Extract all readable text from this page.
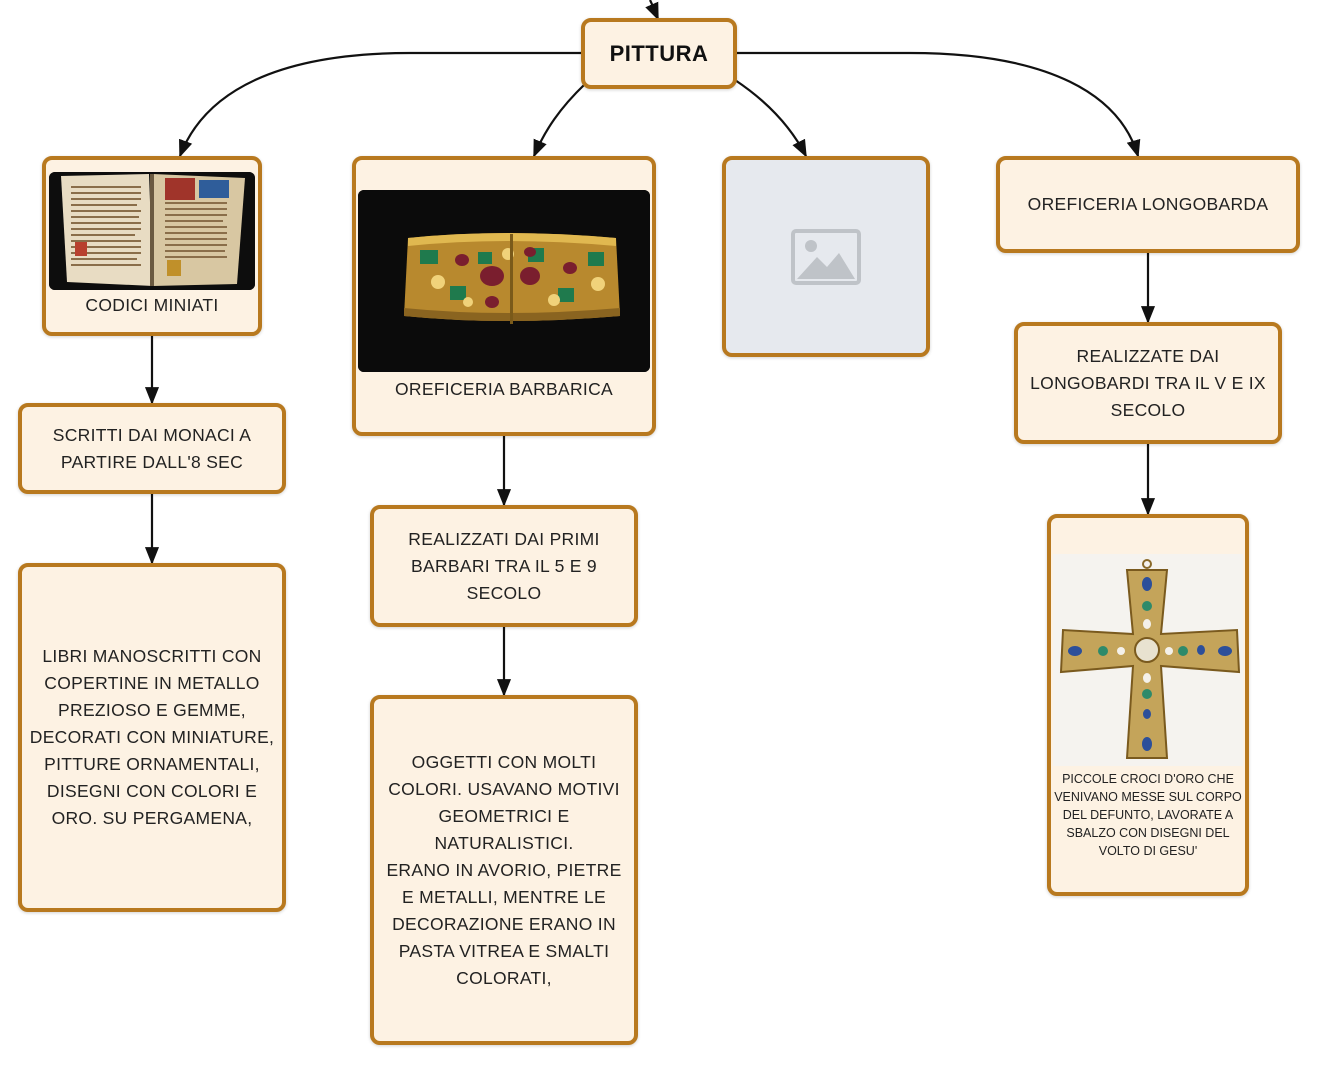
PITTURA
CODICI MINIATI
SCRITTI DAI MONACI A PARTIRE DALL'8 SEC
LIBRI MANOSCRITTI CON COPERTINE IN METALLO PREZIOSO E GEMME, DECORATI CON MINIATURE, PITTURE ORNAMENTALI, DISEGNI CON COLORI E ORO. SU PERGAMENA,
OREFICERIA BARBARICA
REALIZZATI DAI PRIMI BARBARI TRA IL 5 E 9 SECOLO
OGGETTI CON MOLTI COLORI. USAVANO MOTIVI GEOMETRICI E NATURALISTICI.
ERANO IN AVORIO, PIETRE E METALLI, MENTRE LE DECORAZIONE ERANO IN PASTA VITREA E SMALTI COLORATI,
OREFICERIA LONGOBARDA
REALIZZATE DAI LONGOBARDI TRA IL V E IX SECOLO
PICCOLE CROCI D'ORO CHE VENIVANO MESSE SUL CORPO DEL DEFUNTO, LAVORATE A SBALZO CON DISEGNI DEL VOLTO DI GESU'
